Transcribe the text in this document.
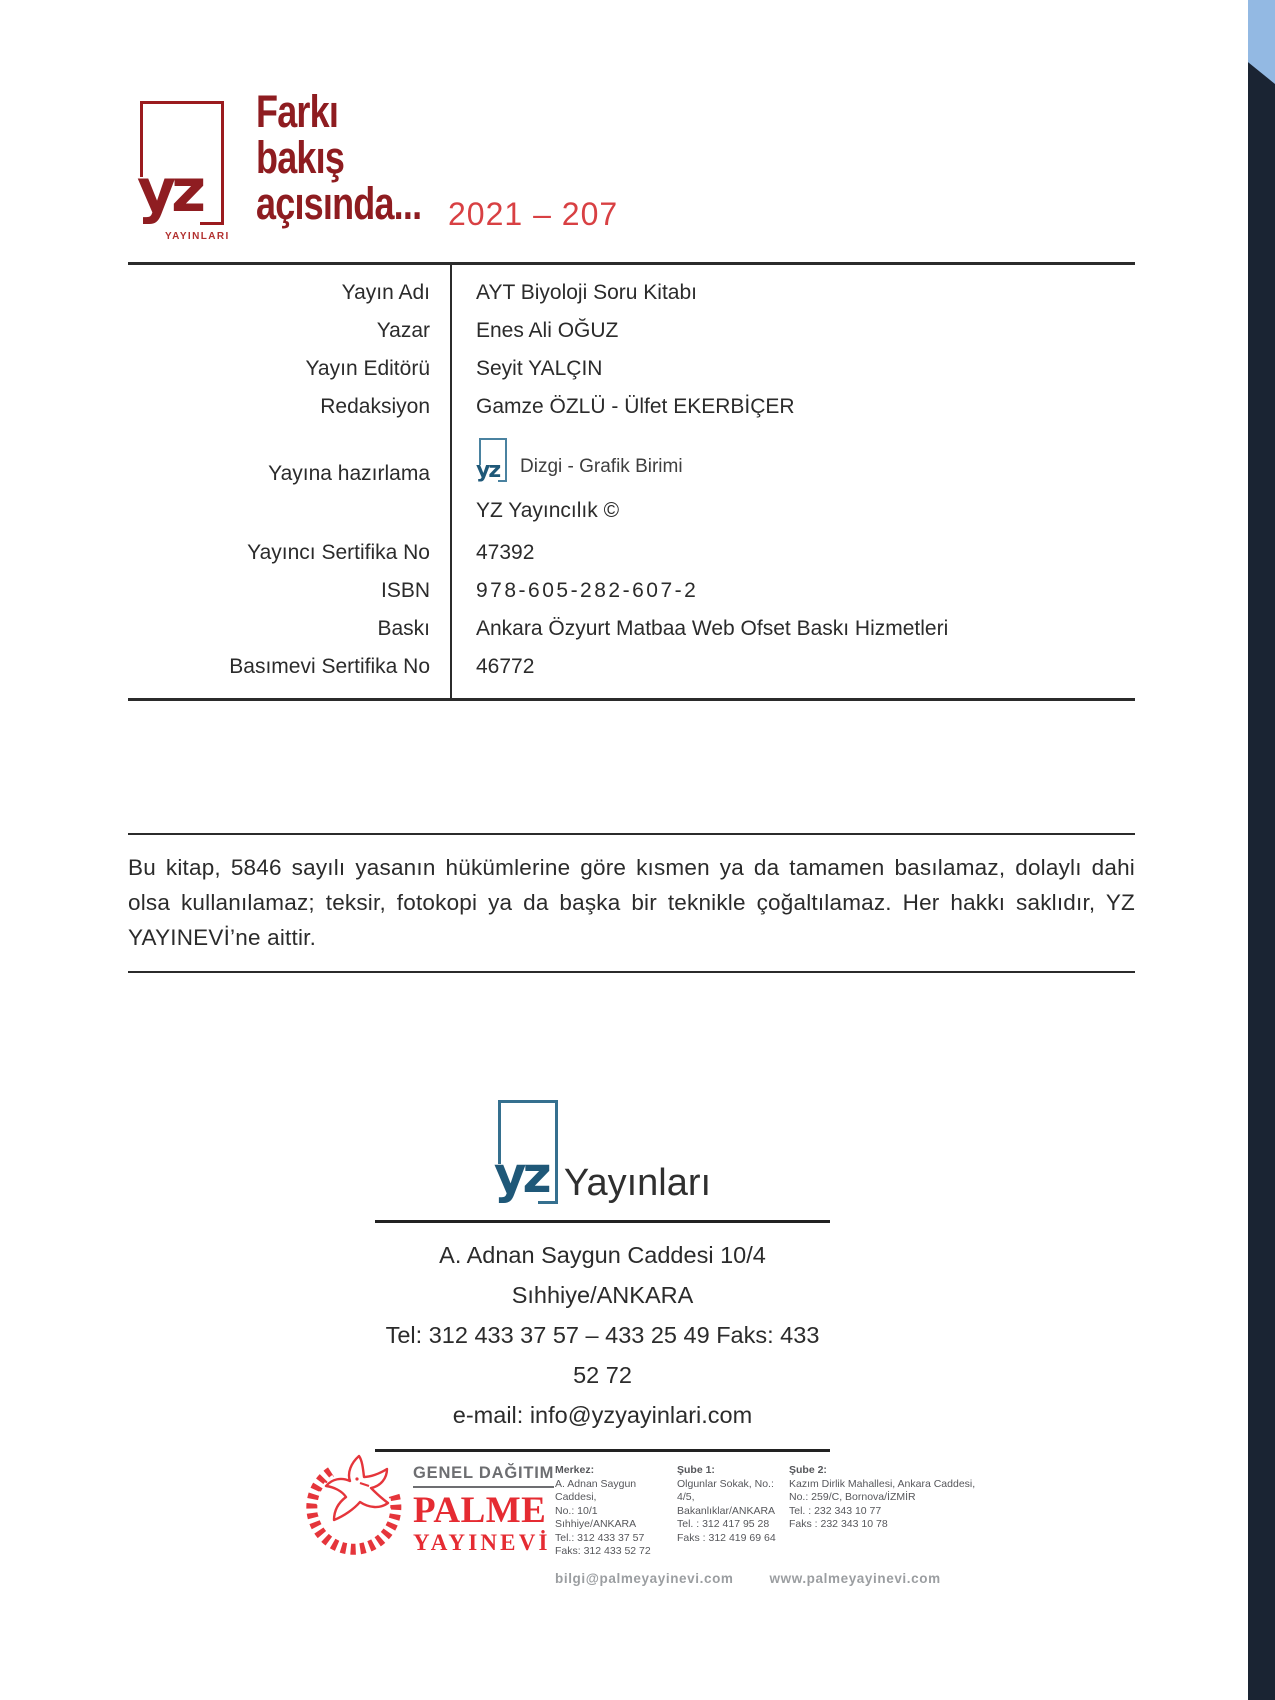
yz
YAYINLARI
Farkı
bakış
açısında... 2021 – 207
Yayın Adı	AYT Biyoloji Soru Kitabı
Yazar	Enes Ali OĞUZ
Yayın Editörü	Seyit YALÇIN
Redaksiyon	Gamze ÖZLÜ - Ülfet EKERBİÇER
Yayına hazırlama	yz Dizgi - Grafik Birimi
YZ Yayıncılık ©
Yayıncı Sertifika No	47392
ISBN	978-605-282-607-2
Baskı	Ankara Özyurt Matbaa Web Ofset Baskı Hizmetleri
Basımevi Sertifika No	46772
Bu kitap, 5846 sayılı yasanın hükümlerine göre kısmen ya da tamamen basılamaz, dolaylı dahi olsa kullanılamaz; teksir, fotokopi ya da başka bir teknikle çoğaltılamaz. Her hakkı saklıdır, YZ YAYINEVİ’ne aittir.
yz Yayınları
A. Adnan Saygun Caddesi 10/4 Sıhhiye/ANKARA
Tel: 312 433 37 57 – 433 25 49 Faks: 433 52 72
e-mail: info@yzyayinlari.com
GENEL DAĞITIM
PALME
YAYINEVİ
Merkez:
A. Adnan Saygun Caddesi,
No.: 10/1 Sıhhiye/ANKARA
Tel.: 312 433 37 57
Faks: 312 433 52 72
Şube 1:
Olgunlar Sokak, No.: 4/5,
Bakanlıklar/ANKARA
Tel. : 312 417 95 28
Faks : 312 419 69 64
Şube 2:
Kazım Dirlik Mahallesi, Ankara Caddesi,
No.: 259/C, Bornova/İZMİR
Tel. : 232 343 10 77
Faks : 232 343 10 78
bilgi@palmeyayinevi.com	www.palmeyayinevi.com
